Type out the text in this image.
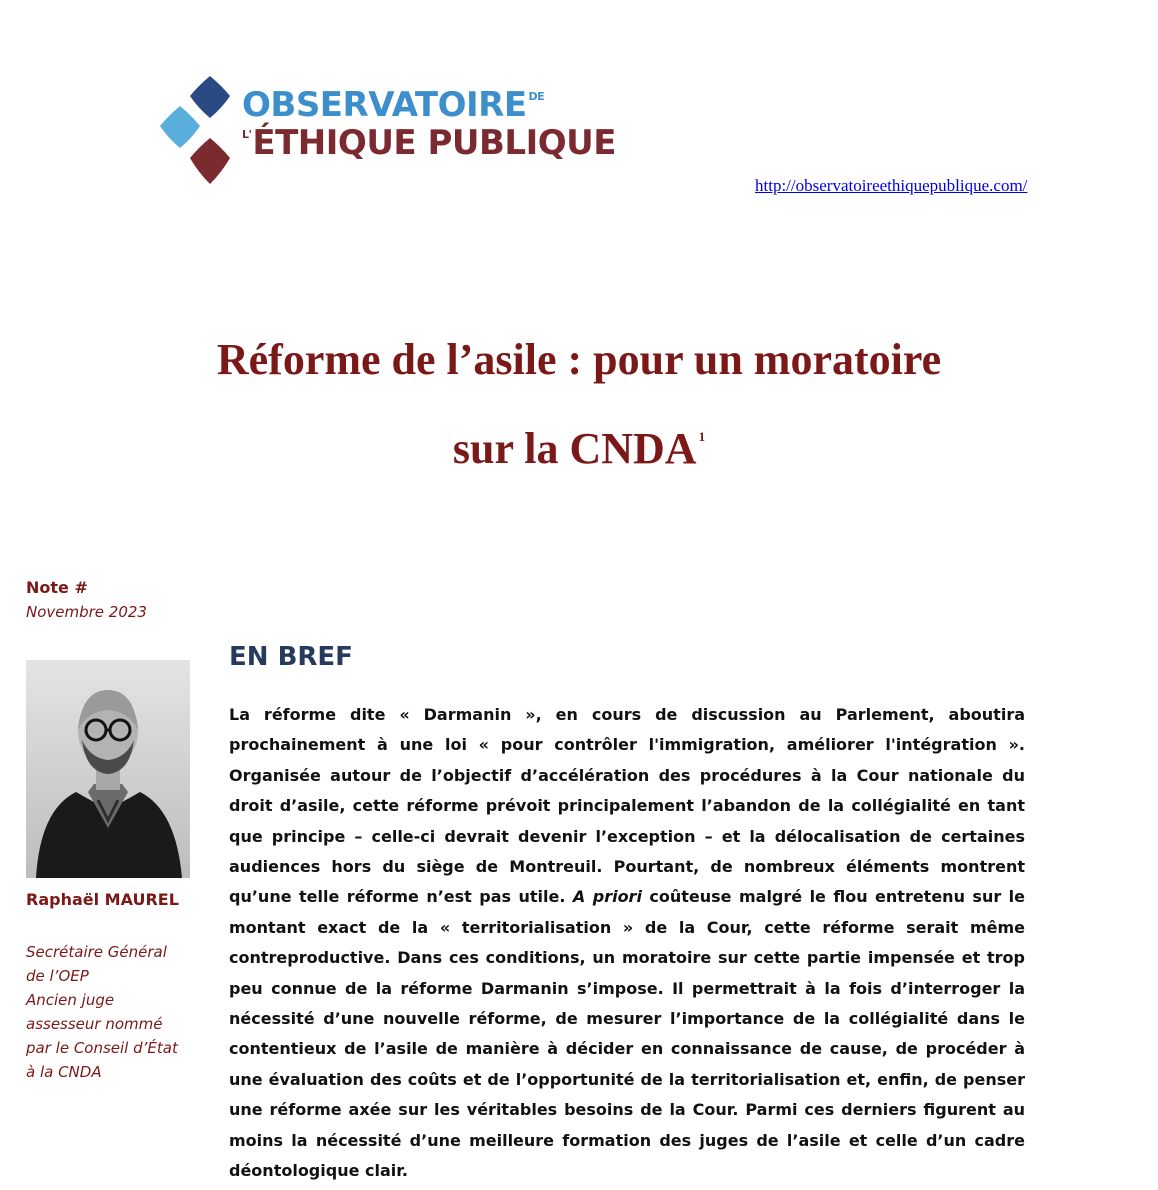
OBSERVATOIRE $^{DE}$
$^{L'}$ÉTHIQUE PUBLIQUE
http://observatoireethiquepublique.com/
Réforme de l’asile : pour un moratoire
sur la CNDA $^1$
Note #
Novembre 2023
Raphaël MAUREL
Secrétaire Général
de l’OEP
Ancien juge
assesseur nommé
par le Conseil d’État
à la CNDA
EN BREF
La réforme dite « Darmanin », en cours de discussion au Parlement, aboutira prochainement à une loi « pour contrôler l'immigration, améliorer l'intégration ». Organisée autour de l’objectif d’accélération des procédures à la Cour nationale du droit d’asile, cette réforme prévoit principalement l’abandon de la collégialité en tant que principe – celle-ci devrait devenir l’exception – et la délocalisation de certaines audiences hors du siège de Montreuil. Pourtant, de nombreux éléments montrent qu’une telle réforme n’est pas utile. A priori coûteuse malgré le flou entretenu sur le montant exact de la « territorialisation » de la Cour, cette réforme serait même contreproductive. Dans ces conditions, un moratoire sur cette partie impensée et trop peu connue de la réforme Darmanin s’impose. Il permettrait à la fois d’interroger la nécessité d’une nouvelle réforme, de mesurer l’importance de la collégialité dans le contentieux de l’asile de manière à décider en connaissance de cause, de procéder à une évaluation des coûts et de l’opportunité de la territorialisation et, enfin, de penser une réforme axée sur les véritables besoins de la Cour. Parmi ces derniers figurent au moins la nécessité d’une meilleure formation des juges de l’asile et celle d’un cadre déontologique clair.
